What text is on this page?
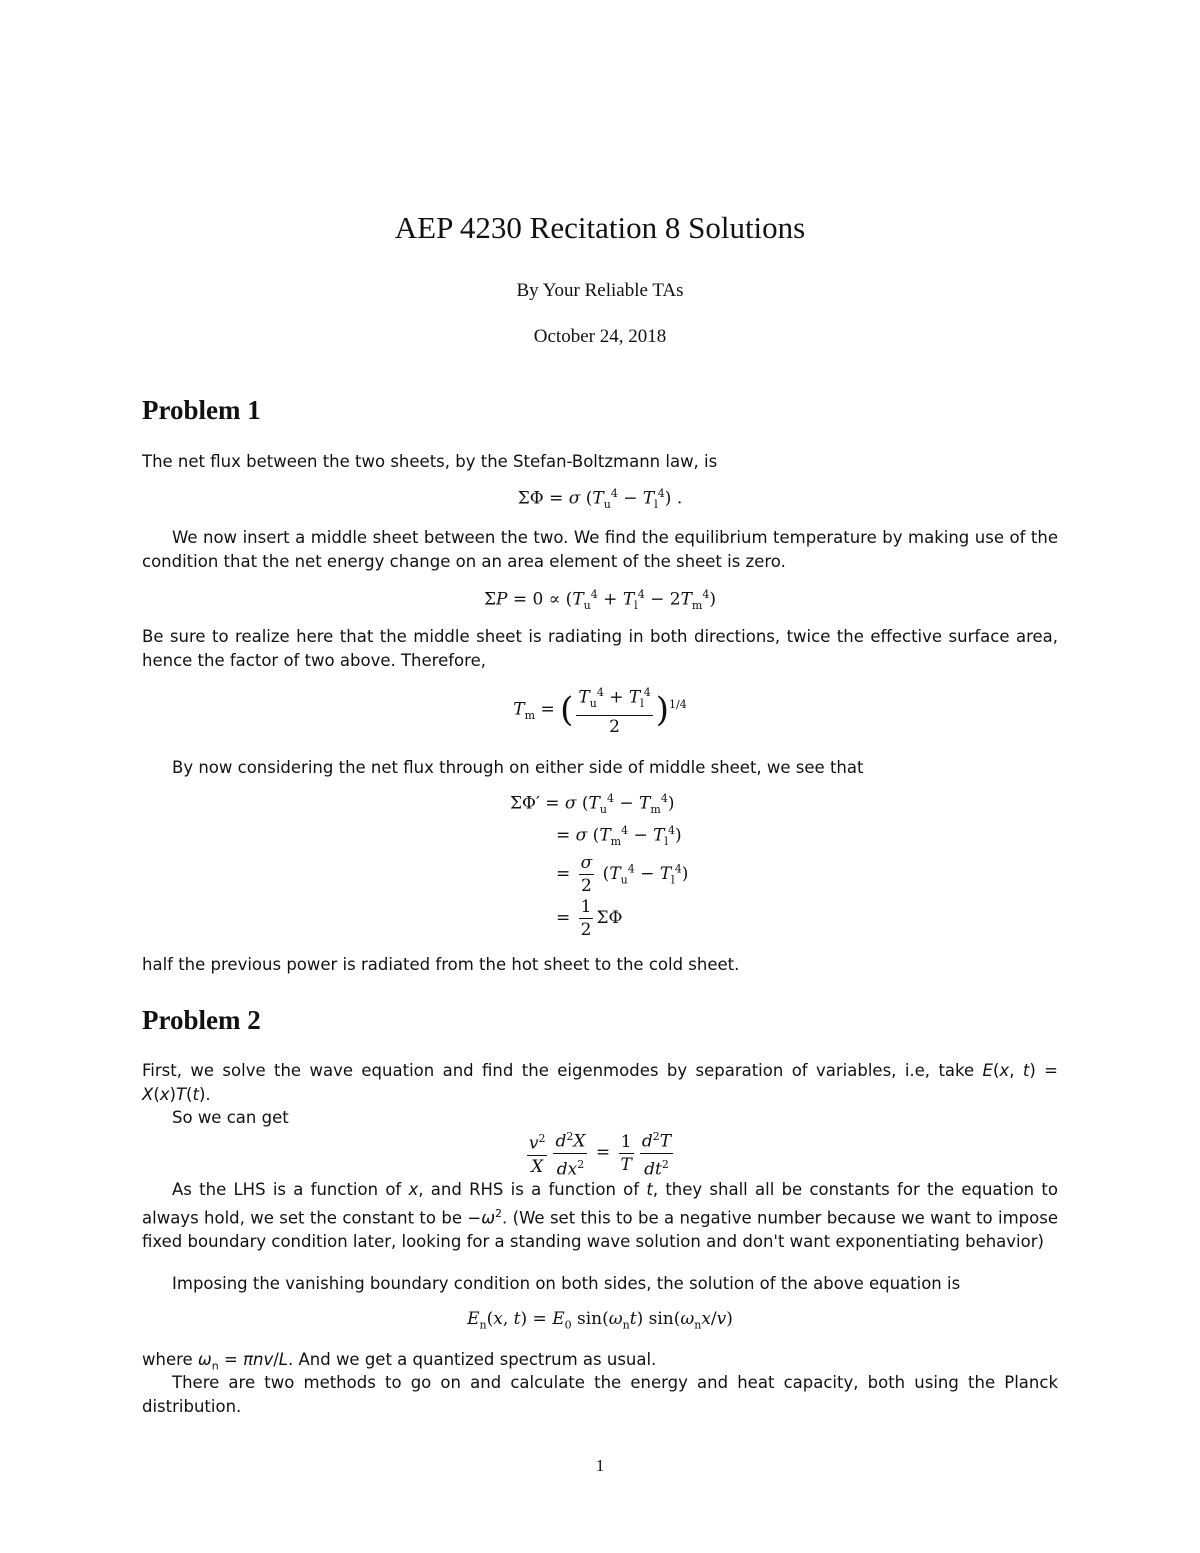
AEP 4230 Recitation 8 Solutions
By Your Reliable TAs
October 24, 2018
Problem 1

The net flux between the two sheets, by the Stefan-Boltzmann law, is

ΣΦ = σ $(T_u^4 - T_l^4)$ .

We now insert a middle sheet between the two. We find the equilibrium temperature by making use of the condition that the net energy change on an area element of the sheet is zero.

$\Sigma P = 0 \propto (T_u^4 + T_l^4 - 2T_m^4)$

Be sure to realize here that the middle sheet is radiating in both directions, twice the effective surface area, hence the factor of two above. Therefore,

$T_m$ = ( $\frac{T_u^4 + T_l^4}{2} )^{1/4}$

By now considering the net flux through on either side of middle sheet, we see that

ΣΦ′ = σ $(T_u^4 - T_m^4)$
= σ $(T_m^4 - T_l^4)$
= $\frac{\sigma}{2} (T_u^4 - T_l^4)$
= $\frac{1}{2}$ ΣΦ

half the previous power is radiated from the hot sheet to the cold sheet.

Problem 2

First, we solve the wave equation and find the eigenmodes by separation of variables, i.e, take E(x, t) = X(x)T(t).

So we can get

$\frac{v^2}{X} \frac{d^2X}{dx^2} = \frac{1}{T} \frac{d^2T}{dt^2}$

As the LHS is a function of x, and RHS is a function of t, they shall all be constants for the equation to always hold, we set the constant to be $-\omega^2$. (We set this to be a negative number because we want to impose fixed boundary condition later, looking for a standing wave solution and don't want exponentiating behavior)

Imposing the vanishing boundary condition on both sides, the solution of the above equation is

$E_n(x$, $t) = E_0$ $\sin(\omega_nt)$ $\sin(\omega_nx/v)$

where $\omega_n = \pi nv/L$. And we get a quantized spectrum as usual.

There are two methods to go on and calculate the energy and heat capacity, both using the Planck distribution.

1
